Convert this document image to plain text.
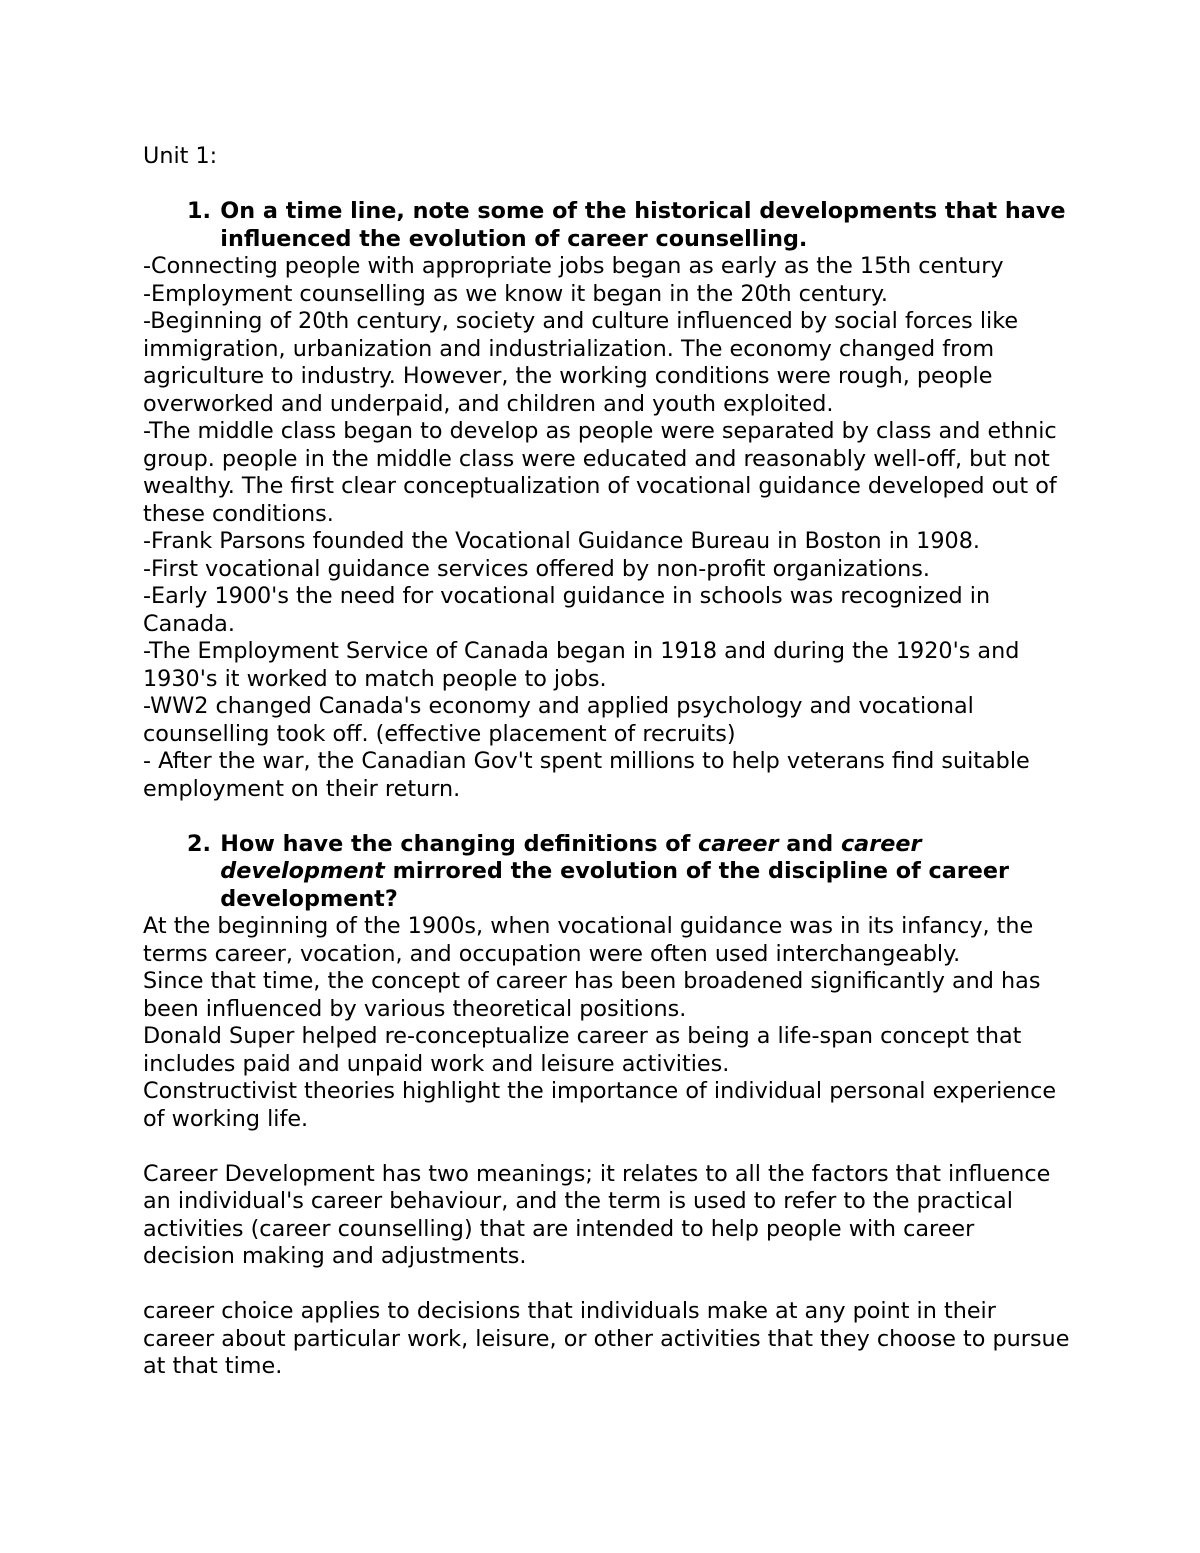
Unit 1:

1. On a time line, note some of the historical developments that have influenced the evolution of career counselling.

-Connecting people with appropriate jobs began as early as the 15th century

-Employment counselling as we know it began in the 20th century.

-Beginning of 20th century, society and culture influenced by social forces like immigration, urbanization and industrialization. The economy changed from agriculture to industry. However, the working conditions were rough, people overworked and underpaid, and children and youth exploited.

-The middle class began to develop as people were separated by class and ethnic group. people in the middle class were educated and reasonably well-off, but not wealthy. The first clear conceptualization of vocational guidance developed out of these conditions.

-Frank Parsons founded the Vocational Guidance Bureau in Boston in 1908.

-First vocational guidance services offered by non-profit organizations.

-Early 1900's the need for vocational guidance in schools was recognized in Canada.

-The Employment Service of Canada began in 1918 and during the 1920's and 1930's it worked to match people to jobs.

-WW2 changed Canada's economy and applied psychology and vocational counselling took off. (effective placement of recruits)

- After the war, the Canadian Gov't spent millions to help veterans find suitable employment on their return.

2. How have the changing definitions of career and career development mirrored the evolution of the discipline of career development?

At the beginning of the 1900s, when vocational guidance was in its infancy, the terms career, vocation, and occupation were often used interchangeably.

Since that time, the concept of career has been broadened significantly and has been influenced by various theoretical positions.

Donald Super helped re-conceptualize career as being a life-span concept that includes paid and unpaid work and leisure activities.

Constructivist theories highlight the importance of individual personal experience of working life.

Career Development has two meanings; it relates to all the factors that influence an individual's career behaviour, and the term is used to refer to the practical activities (career counselling) that are intended to help people with career decision making and adjustments.

career choice applies to decisions that individuals make at any point in their career about particular work, leisure, or other activities that they choose to pursue at that time.
